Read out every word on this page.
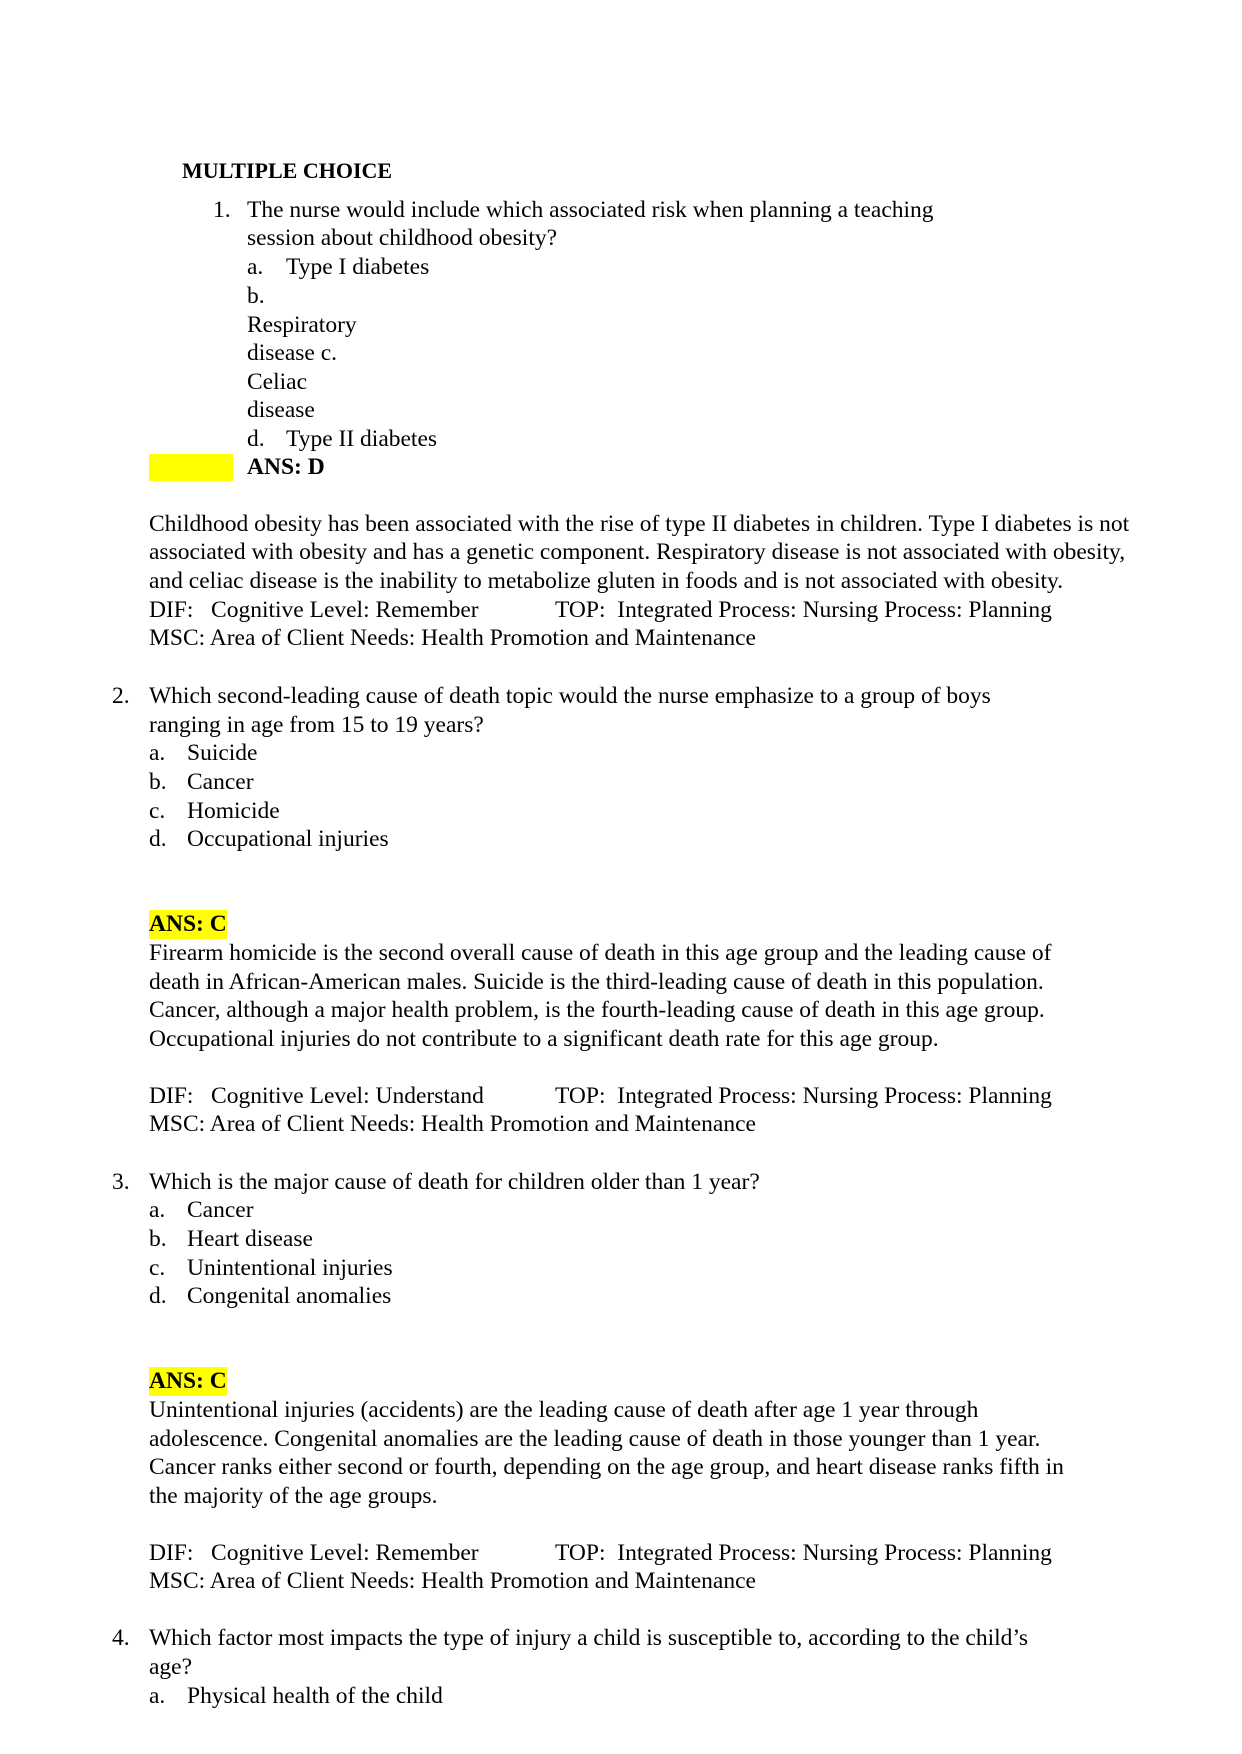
MULTIPLE CHOICE
1. The nurse would include which associated risk when planning a teaching
session about childhood obesity?
a. Type I diabetes
b.
Respiratory
disease c.
Celiac
disease
d. Type II diabetes
ANS: D
Childhood obesity has been associated with the rise of type II diabetes in children. Type I diabetes is not
associated with obesity and has a genetic component. Respiratory disease is not associated with obesity,
and celiac disease is the inability to metabolize gluten in foods and is not associated with obesity.
DIF:   Cognitive Level: Remember	TOP:  Integrated Process: Nursing Process: Planning
MSC: Area of Client Needs: Health Promotion and Maintenance
2. Which second-leading cause of death topic would the nurse emphasize to a group of boys
ranging in age from 15 to 19 years?
a. Suicide
b. Cancer
c. Homicide
d. Occupational injuries
ANS: C
Firearm homicide is the second overall cause of death in this age group and the leading cause of
death in African-American males. Suicide is the third-leading cause of death in this population.
Cancer, although a major health problem, is the fourth-leading cause of death in this age group.
Occupational injuries do not contribute to a significant death rate for this age group.
DIF:   Cognitive Level: Understand	TOP:  Integrated Process: Nursing Process: Planning
MSC: Area of Client Needs: Health Promotion and Maintenance
3. Which is the major cause of death for children older than 1 year?
a. Cancer
b. Heart disease
c. Unintentional injuries
d. Congenital anomalies
ANS: C
Unintentional injuries (accidents) are the leading cause of death after age 1 year through
adolescence. Congenital anomalies are the leading cause of death in those younger than 1 year.
Cancer ranks either second or fourth, depending on the age group, and heart disease ranks fifth in
the majority of the age groups.
DIF:   Cognitive Level: Remember	TOP:  Integrated Process: Nursing Process: Planning
MSC: Area of Client Needs: Health Promotion and Maintenance
4. Which factor most impacts the type of injury a child is susceptible to, according to the child’s
age?
a. Physical health of the child
